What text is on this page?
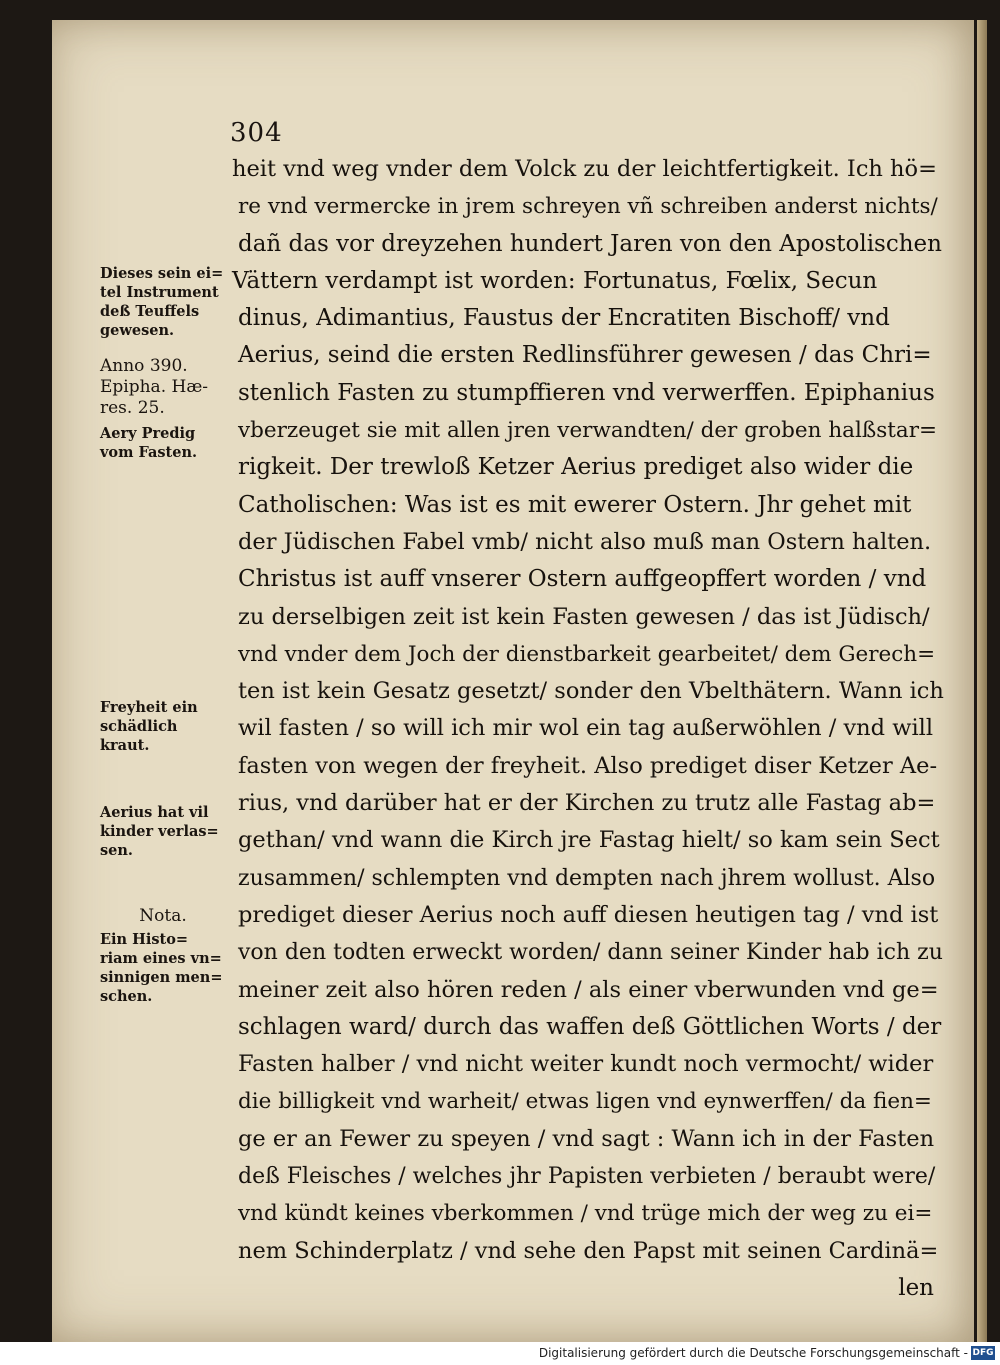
304
heit vnd weg vnder dem Volck zu der leichtfertigkeit. Ich hö=
re vnd vermercke in jrem schreyen vñ schreiben anderst nichts/
dañ das vor dreyzehen hundert Jaren von den Apostolischen
Vättern verdampt ist worden: Fortunatus, Fœlix, Secun
dinus, Adimantius, Faustus der Encratiten Bischoff/ vnd
Aerius, seind die ersten Redlinsführer gewesen / das Chri=
stenlich Fasten zu stumpffieren vnd verwerffen. Epiphanius
vberzeuget sie mit allen jren verwandten/ der groben halßstar=
rigkeit. Der trewloß Ketzer Aerius prediget also wider die
Catholischen: Was ist es mit ewerer Ostern. Jhr gehet mit
der Jüdischen Fabel vmb/ nicht also muß man Ostern halten.
Christus ist auff vnserer Ostern auffgeopffert worden / vnd
zu derselbigen zeit ist kein Fasten gewesen / das ist Jüdisch/
vnd vnder dem Joch der dienstbarkeit gearbeitet/ dem Gerech=
ten ist kein Gesatz gesetzt/ sonder den Vbelthätern. Wann ich
wil fasten / so will ich mir wol ein tag außerwöhlen / vnd will
fasten von wegen der freyheit. Also prediget diser Ketzer Ae-
rius, vnd darüber hat er der Kirchen zu trutz alle Fastag ab=
gethan/ vnd wann die Kirch jre Fastag hielt/ so kam sein Sect
zusammen/ schlempten vnd dempten nach jhrem wollust. Also
prediget dieser Aerius noch auff diesen heutigen tag / vnd ist
von den todten erweckt worden/ dann seiner Kinder hab ich zu
meiner zeit also hören reden / als einer vberwunden vnd ge=
schlagen ward/ durch das waffen deß Göttlichen Worts / der
Fasten halber / vnd nicht weiter kundt noch vermocht/ wider
die billigkeit vnd warheit/ etwas ligen vnd eynwerffen/ da fien=
ge er an Fewer zu speyen / vnd sagt : Wann ich in der Fasten
deß Fleisches / welches jhr Papisten verbieten / beraubt were/
vnd kündt keines vberkommen / vnd trüge mich der weg zu ei=
nem Schinderplatz / vnd sehe den Papst mit seinen Cardinä=
len
Dieses sein ei=
tel Instrument
deß Teuffels
gewesen.
Anno 390.
Epipha. Hæ-
res. 25.
Aery Predig
vom Fasten.
Freyheit ein
schädlich
kraut.
Aerius hat vil
kinder verlas=
sen.
Nota.
Ein Histo=
riam eines vn=
sinnigen men=
schen.
Digitalisierung gefördert durch die Deutsche Forschungsgemeinschaft - DFG
